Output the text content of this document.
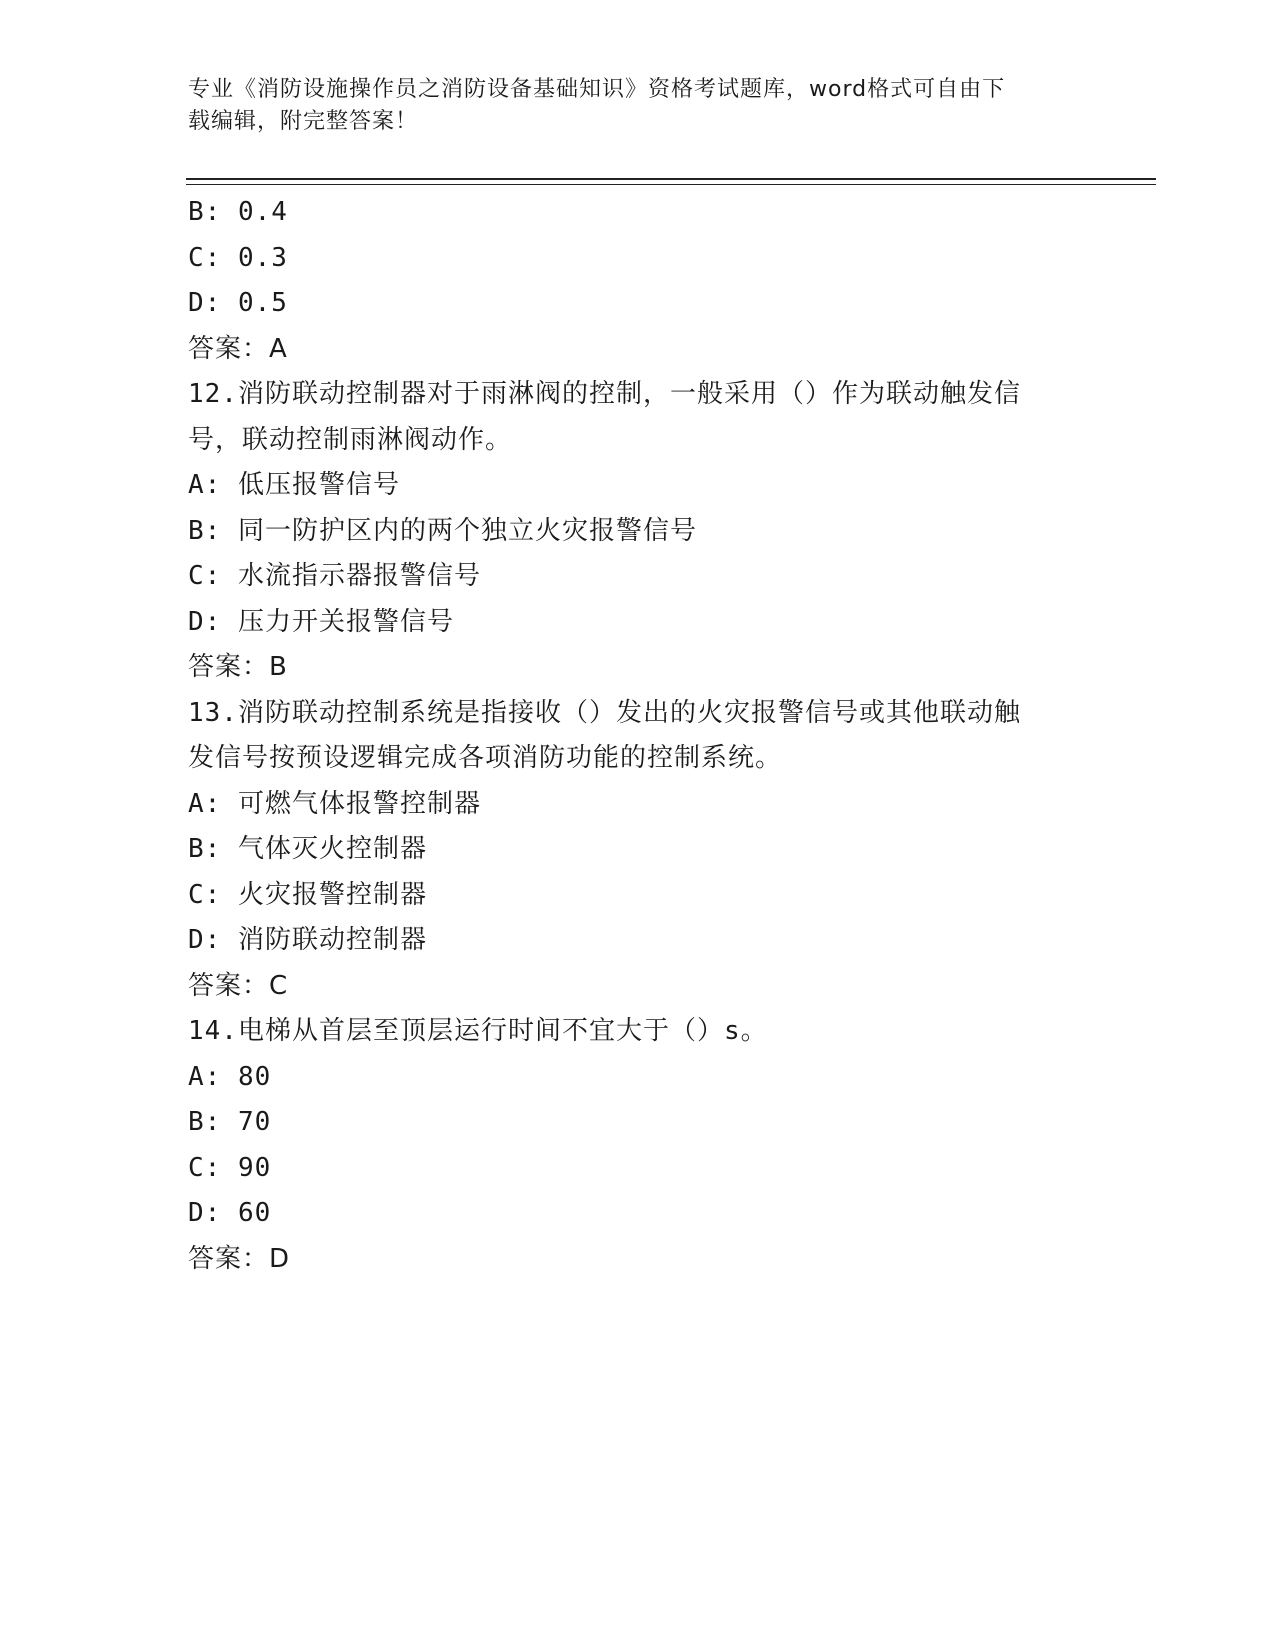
专业《消防设施操作员之消防设备基础知识》资格考试题库，word格式可自由下
载编辑，附完整答案！
B: 0.4
C: 0.3
D: 0.5
答案：A
12.消防联动控制器对于雨淋阀的控制，一般采用（）作为联动触发信
号，联动控制雨淋阀动作。
A: 低压报警信号
B: 同一防护区内的两个独立火灾报警信号
C: 水流指示器报警信号
D: 压力开关报警信号
答案：B
13.消防联动控制系统是指接收（）发出的火灾报警信号或其他联动触
发信号按预设逻辑完成各项消防功能的控制系统。
A: 可燃气体报警控制器
B: 气体灭火控制器
C: 火灾报警控制器
D: 消防联动控制器
答案：C
14.电梯从首层至顶层运行时间不宜大于（）s。
A: 80
B: 70
C: 90
D: 60
答案：D
